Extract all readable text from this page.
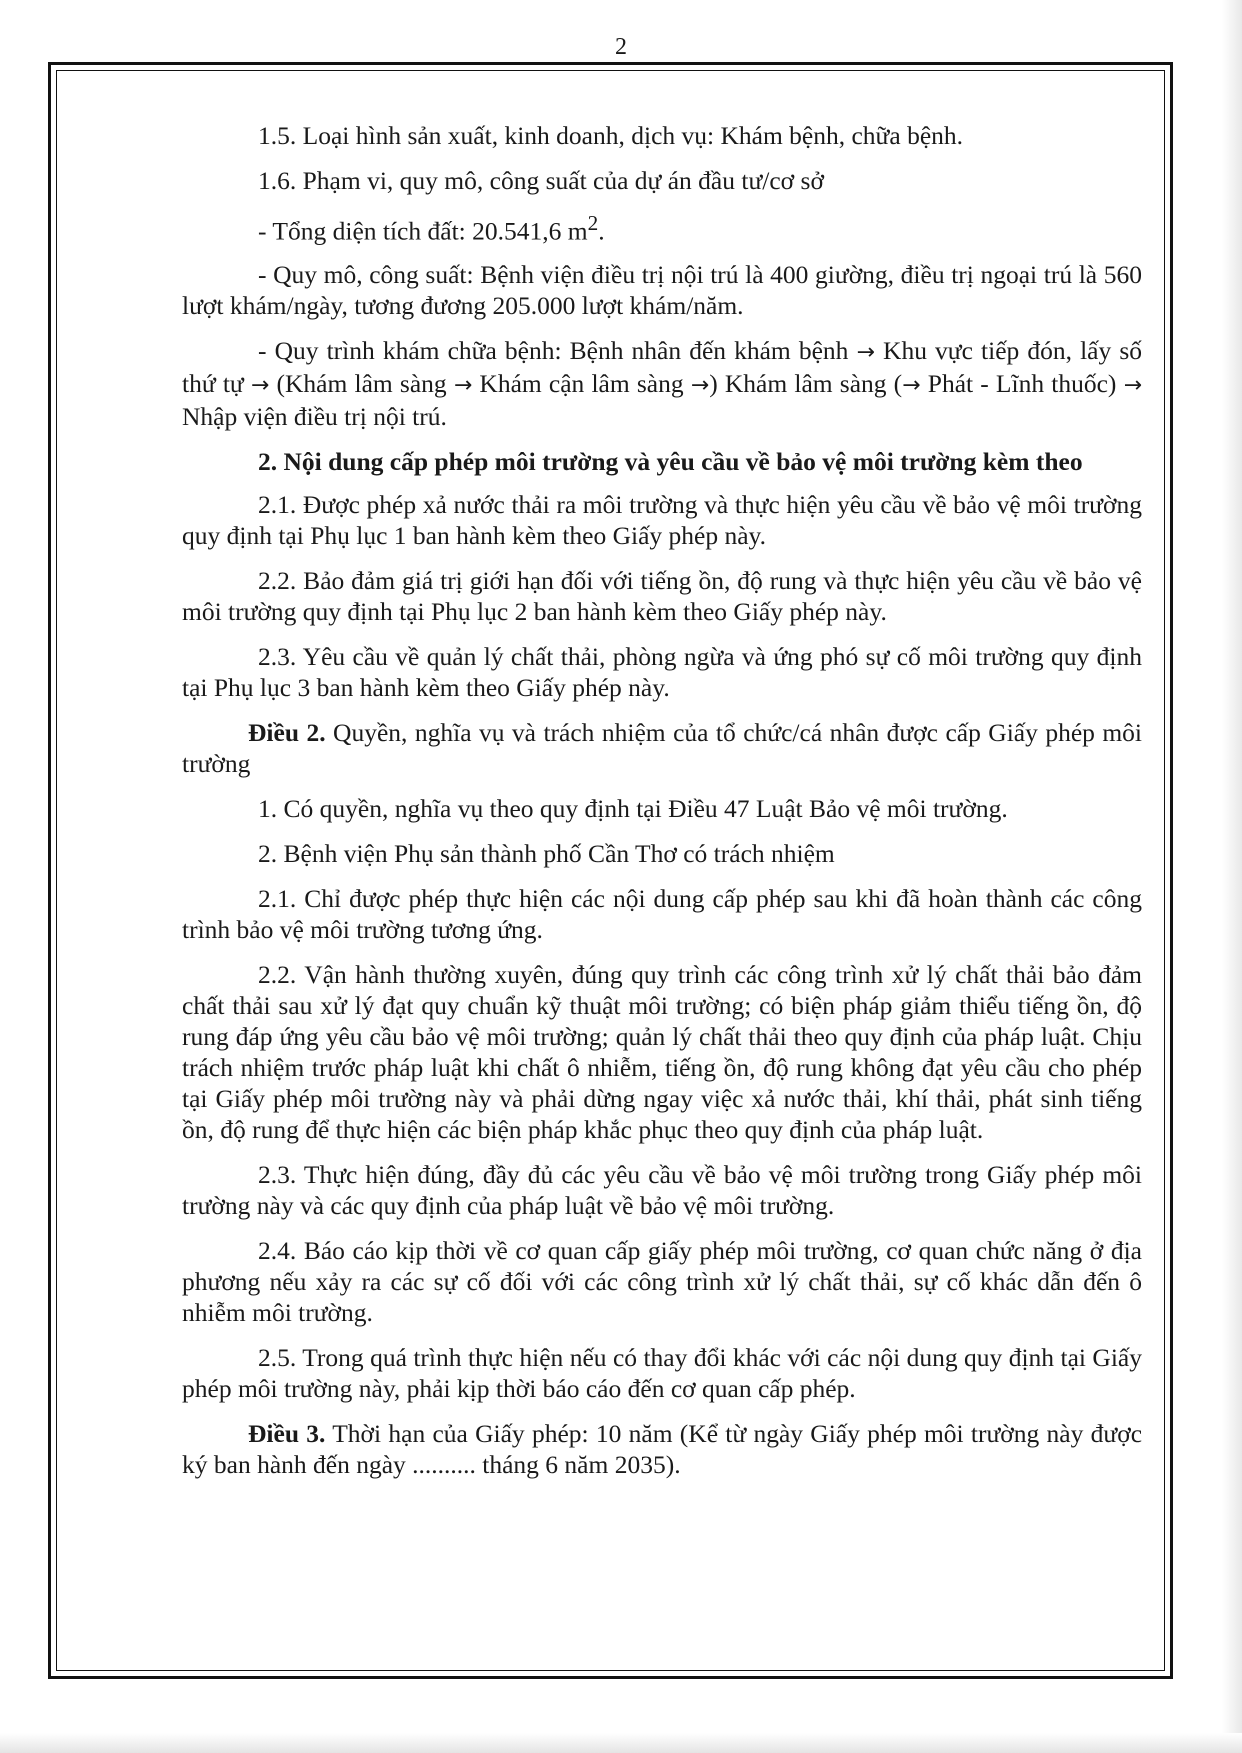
2

1.5. Loại hình sản xuất, kinh doanh, dịch vụ: Khám bệnh, chữa bệnh.

1.6. Phạm vi, quy mô, công suất của dự án đầu tư/cơ sở

- Tổng diện tích đất: 20.541,6 $m^2$.

- Quy mô, công suất: Bệnh viện điều trị nội trú là 400 giường, điều trị ngoại trú là 560 lượt khám/ngày, tương đương 205.000 lượt khám/năm.

- Quy trình khám chữa bệnh: Bệnh nhân đến khám bệnh → Khu vực tiếp đón, lấy số thứ tự → (Khám lâm sàng → Khám cận lâm sàng →) Khám lâm sàng (→ Phát - Lĩnh thuốc) → Nhập viện điều trị nội trú.

2. Nội dung cấp phép môi trường và yêu cầu về bảo vệ môi trường kèm theo

2.1. Được phép xả nước thải ra môi trường và thực hiện yêu cầu về bảo vệ môi trường quy định tại Phụ lục 1 ban hành kèm theo Giấy phép này.

2.2. Bảo đảm giá trị giới hạn đối với tiếng ồn, độ rung và thực hiện yêu cầu về bảo vệ môi trường quy định tại Phụ lục 2 ban hành kèm theo Giấy phép này.

2.3. Yêu cầu về quản lý chất thải, phòng ngừa và ứng phó sự cố môi trường quy định tại Phụ lục 3 ban hành kèm theo Giấy phép này.

Điều 2. Quyền, nghĩa vụ và trách nhiệm của tổ chức/cá nhân được cấp Giấy phép môi trường

1. Có quyền, nghĩa vụ theo quy định tại Điều 47 Luật Bảo vệ môi trường.

2. Bệnh viện Phụ sản thành phố Cần Thơ có trách nhiệm

2.1. Chỉ được phép thực hiện các nội dung cấp phép sau khi đã hoàn thành các công trình bảo vệ môi trường tương ứng.

2.2. Vận hành thường xuyên, đúng quy trình các công trình xử lý chất thải bảo đảm chất thải sau xử lý đạt quy chuẩn kỹ thuật môi trường; có biện pháp giảm thiểu tiếng ồn, độ rung đáp ứng yêu cầu bảo vệ môi trường; quản lý chất thải theo quy định của pháp luật. Chịu trách nhiệm trước pháp luật khi chất ô nhiễm, tiếng ồn, độ rung không đạt yêu cầu cho phép tại Giấy phép môi trường này và phải dừng ngay việc xả nước thải, khí thải, phát sinh tiếng ồn, độ rung để thực hiện các biện pháp khắc phục theo quy định của pháp luật.

2.3. Thực hiện đúng, đầy đủ các yêu cầu về bảo vệ môi trường trong Giấy phép môi trường này và các quy định của pháp luật về bảo vệ môi trường.

2.4. Báo cáo kịp thời về cơ quan cấp giấy phép môi trường, cơ quan chức năng ở địa phương nếu xảy ra các sự cố đối với các công trình xử lý chất thải, sự cố khác dẫn đến ô nhiễm môi trường.

2.5. Trong quá trình thực hiện nếu có thay đổi khác với các nội dung quy định tại Giấy phép môi trường này, phải kịp thời báo cáo đến cơ quan cấp phép.

Điều 3. Thời hạn của Giấy phép: 10 năm (Kể từ ngày Giấy phép môi trường này được ký ban hành đến ngày .......... tháng 6 năm 2035).
